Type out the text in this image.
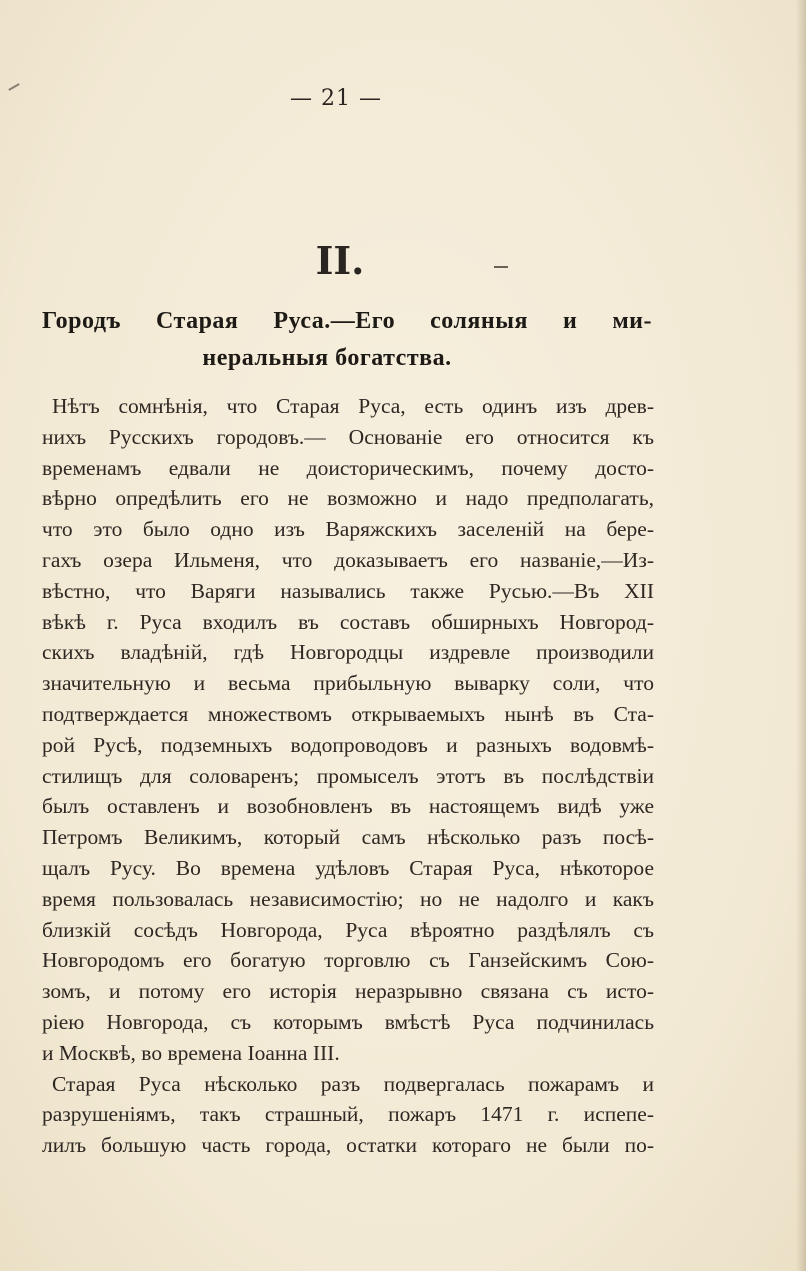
— 21 —
II.
Городъ Старая Руса.—Его соляныя и ми-
неральныя богатства.
Нѣтъ сомнѣнія, что Старая Руса, есть одинъ изъ древ-
нихъ Русскихъ городовъ.— Основаніе его относится къ
временамъ едвали не доисторическимъ, почему досто-
вѣрно опредѣлить его не возможно и надо предполагать,
что это было одно изъ Варяжскихъ заселеній на бере-
гахъ озера Ильменя, что доказываетъ его названіе,—Из-
вѣстно, что Варяги назывались также Русью.—Въ XII
вѣкѣ г. Руса входилъ въ составъ обширныхъ Новгород-
скихъ владѣній, гдѣ Новгородцы издревле производили
значительную и весьма прибыльную выварку соли, что
подтверждается множествомъ открываемыхъ нынѣ въ Ста-
рой Русѣ, подземныхъ водопроводовъ и разныхъ водовмѣ-
стилищъ для соловаренъ; промыселъ этотъ въ послѣдствіи
былъ оставленъ и возобновленъ въ настоящемъ видѣ уже
Петромъ Великимъ, который самъ нѣсколько разъ посѣ-
щалъ Русу. Во времена удѣловъ Старая Руса, нѣкоторое
время пользовалась независимостію; но не надолго и какъ
близкій сосѣдъ Новгорода, Руса вѣроятно раздѣлялъ съ
Новгородомъ его богатую торговлю съ Ганзейскимъ Сою-
зомъ, и потому его исторія неразрывно связана съ исто-
ріею Новгорода, съ которымъ вмѣстѣ Руса подчинилась
и Москвѣ, во времена Іоанна III.
Старая Руса нѣсколько разъ подвергалась пожарамъ и
разрушеніямъ, такъ страшный, пожаръ 1471 г. испепе-
лилъ большую часть города, остатки котораго не были по-
